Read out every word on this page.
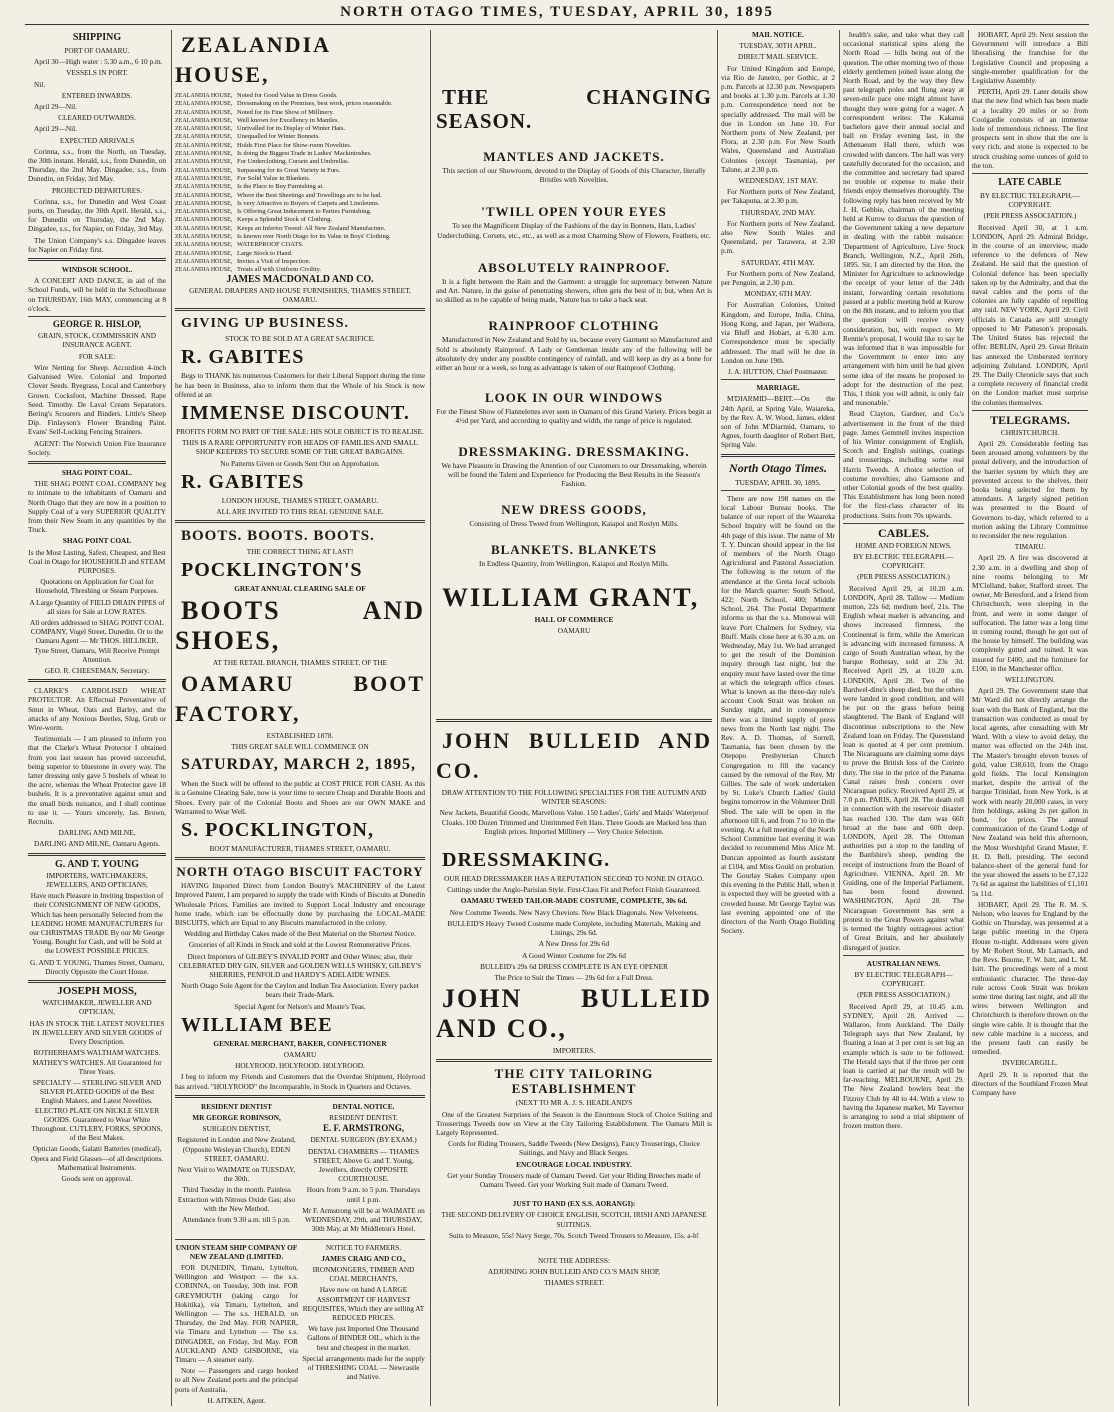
NORTH OTAGO TIMES, TUESDAY, APRIL 30, 1895

SHIPPING

PORT OF OAMARU.

April 30—High water : 5.30 a.m., 6 10 p.m.

VESSELS IN PORT.

Nil.

ENTERED INWARDS.

April 29—Nil.

CLEARED OUTWARDS.

April 29—Nil.

EXPECTED ARRIVALS

Corinna, s.s., from the North, on Tuesday, the 30th instant. Herald, s.s., from Dunedin, on Thursday, the 2nd May. Dingadee, s.s., from Dunedin, on Friday, 3rd May.

PROJECTED DEPARTURES.

Corinna, s.s., for Dunedin and West Coast ports, on Tuesday, the 30th April. Herald, s.s., for Dunedin on Thursday, the 2nd May. Dingadee, s.s., for Napier, on Friday, 3rd May.

The Union Company's s.s. Dingadee leaves for Napier on Friday first.

WINDSOR SCHOOL.

A CONCERT AND DANCE, in aid of the School Funds, will be held in the Schoolhouse on THURSDAY, 16th MAY, commencing at 8 o'clock.

GEORGE R. HISLOP,

GRAIN, STOCK, COMMISSION AND INSURANCE AGENT.

FOR SALE:

Wire Netting for Sheep. Accordion 4-inch Galvanised Wire. Colonial and Imported Clover Seeds. Ryegrass, Local and Canterbury Grown. Cocksfoot, Machine Dressed. Rape Seed. Timothy. De Laval Cream Separators. Bering's Scourers and Binders. Little's Sheep Dip. Finlayson's Flower Branding Paint. Evans' Self-Locking Fencing Strainers.

AGENT: The Norwich Union Fire Insurance Society.

SHAG POINT COAL.

THE SHAG POINT COAL COMPANY beg to intimate to the inhabitants of Oamaru and North Otago that they are now in a position to Supply Coal of a very SUPERIOR QUALITY from their New Seam in any quantities by the Truck.

SHAG POINT COAL

Is the Most Lasting, Safest, Cheapest, and Best Coal in Otago for HOUSEHOLD and STEAM PURPOSES.

Quotations on Application for Coal for Household, Threshing or Steam Purposes.

A Large Quantity of FIELD DRAIN PIPES of all sizes for Sale at LOW RATES.

All orders addressed to SHAG POINT COAL COMPANY, Vogel Street, Dunedin. Or to the Oamaru Agent — Mr THOS. HILLIKER, Tyne Street, Oamaru, Will Receive Prompt Attention.

GEO. R. CHEESEMAN, Secretary.

CLARKE'S CARBOLISED WHEAT PROTECTOR. An Effectual Preventative of Smut in Wheat, Oats and Barley, and the attacks of any Noxious Beetles, Slug, Grub or Wire-worm.

Testimonials — I am pleased to inform you that the Clarke's Wheat Protector I obtained from you last season has proved successful, being superior to bluestone in every way. The latter dressing only gave 5 bushels of wheat to the acre, whereas the Wheat Protector gave 18 bushels. It is a preventative against smut and the small birds nuisance, and I shall continue to use it. — Yours sincerely, Jas. Brown, Recruits.

DARLING AND MILNE,

DARLING AND MILNE, Oamaru Agents.

G. AND T. YOUNG

IMPORTERS, WATCHMAKERS, JEWELLERS, AND OPTICIANS,

Have much Pleasure in Inviting Inspection of their CONSIGNMENT OF NEW GOODS, Which has been personally Selected from the LEADING HOME MANUFACTURERS for our CHRISTMAS TRADE By our Mr George Young. Bought for Cash, and will be Sold at the LOWEST POSSIBLE PRICES.

G. AND T. YOUNG, Thames Street, Oamaru, Directly Opposite the Court House.

JOSEPH MOSS,

WATCHMAKER, JEWELLER AND OPTICIAN,

HAS IN STOCK THE LATEST NOVELTIES IN JEWELLERY AND SILVER GOODS of Every Description.

ROTHERHAM'S WALTHAM WATCHES. MATHEY'S WATCHES. All Guaranteed for Three Years.

SPECIALTY — STERLING SILVER AND SILVER PLATED GOODS of the Best English Makers, and Latest Novelties. ELECTRO PLATE ON NICKLE SILVER GOODS. Guaranteed to Wear White Throughout. CUTLERY, FORKS, SPOONS, of the Best Makes.

Optician Goods, Galatti Batteries (medical), Opera and Field Glasses—of all descriptions. Mathematical Instruments.

Goods sent on approval.

ZEALANDIA HOUSE,

ZEALANDIA HOUSE, Noted for Good Value in Dress Goods.
ZEALANDIA HOUSE, Dressmaking on the Premises, best work, prices reasonable.
ZEALANDIA HOUSE, Noted for its Fine Show of Millinery.
ZEALANDIA HOUSE, Well known for Excellency in Mantles.
ZEALANDIA HOUSE, Unrivalled for its Display of Winter Hats.
ZEALANDIA HOUSE, Unequalled for Winter Bonnets.
ZEALANDIA HOUSE, Holds First Place for Show-room Novelties.
ZEALANDIA HOUSE, Is doing the Biggest Trade in Ladies' Mackintoshes.
ZEALANDIA HOUSE, For Underclothing, Corsets and Umbrellas.
ZEALANDIA HOUSE, Surpassing for its Great Variety in Furs.
ZEALANDIA HOUSE, For Solid Value in Blankets.
ZEALANDIA HOUSE, Is the Place to Buy Furnishing at.
ZEALANDIA HOUSE, Where the Best Sheetings and Towellings are to be had.
ZEALANDIA HOUSE, Is very Attractive to Buyers of Carpets and Linoleums.
ZEALANDIA HOUSE, Is Offering Great Inducement to Parties Furnishing.
ZEALANDIA HOUSE, Keeps a Splendid Stock of Clothing.
ZEALANDIA HOUSE, Keeps an Inferior Tweed: All New Zealand Manufacture.
ZEALANDIA HOUSE, Is known over North Otago for its Value in Boys' Clothing.
ZEALANDIA HOUSE, WATERPROOF COATS.
ZEALANDIA HOUSE, Large Stock to Hand.
ZEALANDIA HOUSE, Invites a Visit of Inspection.
ZEALANDIA HOUSE, Treats all with Uniform Civility.

JAMES MACDONALD AND CO.

GENERAL DRAPERS AND HOUSE FURNISHERS, THAMES STREET, OAMARU.

GIVING UP BUSINESS.

STOCK TO BE SOLD AT A GREAT SACRIFICE.

R. GABITES

Begs to THANK his numerous Customers for their Liberal Support during the time he has been in Business, also to inform them that the Whole of his Stock is now offered at an

IMMENSE DISCOUNT.

PROFITS FORM NO PART OF THE SALE: HIS SOLE OBJECT IS TO REALISE.

THIS IS A RARE OPPORTUNITY FOR HEADS OF FAMILIES AND SMALL SHOP KEEPERS TO SECURE SOME OF THE GREAT BARGAINS.

No Patterns Given or Goods Sent Out on Approbation.

R. GABITES

LONDON HOUSE, THAMES STREET, OAMARU.

ALL ARE INVITED TO THIS REAL GENUINE SALE.

BOOTS. BOOTS. BOOTS.

THE CORRECT THING AT LAST!

POCKLINGTON'S

GREAT ANNUAL CLEARING SALE OF

BOOTS AND SHOES,

AT THE RETAIL BRANCH, THAMES STREET, OF THE

OAMARU BOOT FACTORY,

ESTABLISHED 1878.

THIS GREAT SALE WILL COMMENCE ON

SATURDAY, MARCH 2, 1895,

When the Stock will be offered to the public at COST PRICE FOR CASH. As this is a Genuine Clearing Sale, now is your time to secure Cheap and Durable Boots and Shoes. Every pair of the Colonial Boots and Shoes are our OWN MAKE and Warranted to Wear Well.

S. POCKLINGTON,

BOOT MANUFACTURER, THAMES STREET, OAMARU.

NORTH OTAGO BISCUIT FACTORY

HAVING Imported Direct from London Boutry's MACHINERY of the Latest Improved Patent, I am prepared to supply the trade with Kinds of Biscuits at Dunedin Wholesale Prices. Families are invited to Support Local Industry and encourage home trade, which can be effectually done by purchasing the LOCAL-MADE BISCUITS, which are Equal to any Biscuits manufactured in the colony.

Wedding and Birthday Cakes made of the Best Material on the Shortest Notice.

Groceries of all Kinds in Stock and sold at the Lowest Remunerative Prices.

Direct Importers of GILBEY'S INVALID PORT and Other Wines; also, their CELEBRATED DRY GIN, SILVER and GOLDEN WELLS WHISKY, GILBEY'S SHERRIES, PENFOLD and HARDY'S ADELAIDE WINES.

North Otago Sole Agent for the Ceylon and Indian Tea Association. Every packet bears their Trade-Mark.

Special Agent for Nelson's and Moate's Teas.

WILLIAM BEE

GENERAL MERCHANT, BAKER, CONFECTIONER

OAMARU

HOLYROOD. HOLYROOD. HOLYROOD.

I beg to inform my Friends and Customers that the Overdue Shipment, Holyrood has arrived. "HOLYROOD" the Incomparable, in Stock in Quarters and Octaves.

RESIDENT DENTIST

MR GEORGE ROBINSON,

SURGEON DENTIST,

Registered in London and New Zealand, (Opposite Wesleyan Church), EDEN STREET, OAMARU.

Next Visit to WAIMATE on TUESDAY, the 30th.

Third Tuesday in the month. Painless Extraction with Nitrous Oxide Gas; also with the New Method.

Attendance from 9.30 a.m. till 5 p.m.

DENTAL NOTICE.

RESIDENT DENTIST.

E. F. ARMSTRONG,

DENTAL SURGEON (BY EXAM.)

DENTAL CHAMBERS — THAMES STREET, Above G. and T. Young, Jewellers, directly OPPOSITE COURTHOUSE.

Hours from 9 a.m. to 5 p.m. Thursdays until 1 p.m.

Mr F. Armstrong will be at WAIMATE on WEDNESDAY, 29th, and THURSDAY, 30th May, at Mr Middleton's Hotel.

UNION STEAM SHIP COMPANY OF NEW ZEALAND (LIMITED.

FOR DUNEDIN, Timaru, Lyttelton, Wellington and Westport — the s.s. CORINNA, on Tuesday, 30th inst. FOR GREYMOUTH (taking cargo for Hokitika), via Timaru, Lyttelton, and Wellington — The s.s. HERALD, on Thursday, the 2nd May. FOR NAPIER, via Timaru and Lyttelton — The s.s. DINGADEE, on Friday, 3rd May. FOR AUCKLAND AND GISBORNE, via Timaru — A steamer early.

Note — Passengers and cargo booked to all New Zealand ports and the principal ports of Australia.

H. AITKEN, Agent.

NOTICE TO FARMERS.

JAMES CRAIG AND CO.,

IRONMONGERS, TIMBER AND COAL MERCHANTS,

Have now on hand A LARGE ASSORTMENT OF HARVEST REQUISITES, Which they are selling AT REDUCED PRICES.

We have just Imported One Thousand Gallons of BINDER OIL, which is the best and cheapest in the market.

Special arrangements made for the supply of THRESHING COAL — Newcastle and Native.

THE CHANGING SEASON.

MANTLES AND JACKETS.

This section of our Showroom, devoted to the Display of Goods of this Character, literally Bristles with Novelties.

'TWILL OPEN YOUR EYES

To see the Magnificent Display of the Fashions of the day in Bonnets, Hats, Ladies' Underclothing, Corsets, etc., etc., as well as a most Charming Show of Flowers, Feathers, etc.

ABSOLUTELY RAINPROOF.

It is a fight between the Rain and the Garment: a struggle for supremacy between Nature and Art. Nature, in the guise of penetrating showers, often gets the best of it; but, when Art is so skilled as to be capable of being made, Nature has to take a back seat.

RAINPROOF CLOTHING

Manufactured in New Zealand and Sold by us, because every Garment so Manufactured and Sold is absolutely Rainproof. A Lady or Gentleman inside any of the following will be absolutely dry under any possible contingency of rainfall, and will keep as dry as a bone for either an hour or a week, so long as advantage is taken of our Rainproof Clothing.

LOOK IN OUR WINDOWS

For the Finest Show of Flannelettes ever seen in Oamaru of this Grand Variety. Prices begin at 4½d per Yard, and according to quality and width, the range of price is regulated.

DRESSMAKING. DRESSMAKING.

We have Pleasure in Drawing the Attention of our Customers to our Dressmaking, wherein will be found the Talent and Experience for Producing the Best Results in the Season's Fashion.

NEW DRESS GOODS,

Consisting of Dress Tweed from Wellington, Kaiapoi and Roslyn Mills.

BLANKETS. BLANKETS

In Endless Quantity, from Wellington, Kaiapoi and Roslyn Mills.

WILLIAM GRANT,

HALL OF COMMERCE

OAMARU

JOHN BULLEID AND CO.

DRAW ATTENTION TO THE FOLLOWING SPECIALTIES FOR THE AUTUMN AND WINTER SEASONS:

New Jackets, Beautiful Goods, Marvellous Value. 150 Ladies', Girls' and Maids' Waterproof Cloaks. 100 Dozen Trimmed and Untrimmed Felt Hats. Three Goods are Marked less than English prices. Imported Millinery — Very Choice Selection.

DRESSMAKING.

OUR HEAD DRESSMAKER HAS A REPUTATION SECOND TO NONE IN OTAGO.

Cuttings under the Anglo-Parisian Style. First-Class Fit and Perfect Finish Guaranteed.

OAMARU TWEED TAILOR-MADE COSTUME, COMPLETE, 30s 6d.

New Costume Tweeds. New Navy Cheviots. New Black Diagonals. New Velveteens.

BULLEID'S Heavy Tweed Costume made Complete, including Materials, Making and Linings, 29s 6d.

A New Dress for 29s 6d

A Good Winter Costume for 29s 6d

BULLEID's 29s 6d DRESS COMPLETE IS AN EYE OPENER

The Price to Suit the Times — 29s 6d for a Full Dress.

JOHN BULLEID AND CO.,

IMPORTERS.

THE CITY TAILORING ESTABLISHMENT

(NEXT TO MR A. J. S. HEADLAND'S

One of the Greatest Surprises of the Season is the Enormous Stock of Choice Suiting and Trouserings Tweeds now on View at the City Tailoring Establishment. The Oamaru Mill is Largely Represented.

Cords for Riding Trousers, Saddle Tweeds (New Designs), Fancy Trouserings, Choice Suitings, and Navy and Black Serges.

ENCOURAGE LOCAL INDUSTRY.

Get your Sunday Trousers made of Oamaru Tweed. Get your Riding Breeches made of Oamaru Tweed. Get your Working Suit made of Oamaru Tweed.

JUST TO HAND (EX S.S. AORANGI):

THE SECOND DELIVERY OF CHOICE ENGLISH, SCOTCH, IRISH AND JAPANESE SUITINGS.

Suits to Measure, 55s! Navy Serge, 70s. Scotch Tweed Trousers to Measure, 15s. a-h!

NOTE THE ADDRESS:

ADJOINING JOHN BULLEID AND CO.'S MAIN SHOP,

THAMES STREET.

MAIL NOTICE.

TUESDAY, 30TH APRIL.

DIRECT MAIL SERVICE.

For United Kingdom and Europe, via Rio de Janeiro, per Gothic, at 2 p.m. Parcels at 12.30 p.m. Newspapers and books at 1.30 p.m. Parcels at 1.30 p.m. Correspondence need not be specially addressed. The mail will be due in London on June 10. For Northern ports of New Zealand, per Flora, at 2.30 p.m. For New South Wales, Queensland and Australian Colonies (except Tasmania), per Talune, at 2.30 p.m.

WEDNESDAY, 1ST MAY.

For Northern ports of New Zealand, per Takapuna, at 2.30 p.m.

THURSDAY, 2ND MAY.

For Northern ports of New Zealand, also New South Wales and Queensland, per Tarawera, at 2.30 p.m.

SATURDAY, 4TH MAY.

For Northern ports of New Zealand, per Penguin, at 2.30 p.m.

MONDAY, 6TH MAY.

For Australian Colonies, United Kingdom, and Europe, India, China, Hong Kong, and Japan, per Waihora, via Bluff and Hobart, at 6.30 a.m. Correspondence must be specially addressed. The mail will be due in London on June 19th.

J. A. HUTTON, Chief Postmaster.

MARRIAGE.

M'DIARMID—BERT.—On the 24th April, at Spring Vale, Waiareka, by the Rev. A. W. Wood, James, eldest son of John M'Diarmid, Oamaru, to Agnes, fourth daughter of Robert Bert, Spring Vale.

North Otago Times.

TUESDAY, APRIL 30, 1895.

There are now 198 names on the local Labour Bureau books. The balance of our report of the Waiareka School Inquiry will be found on the 4th page of this issue. The name of Mr T. Y. Duncan should appear in the list of members of the North Otago Agricultural and Pastoral Association. The following is the return of the attendance at the Greta local schools for the March quarter: South School, 422; North School, 400; Middle School, 264. The Postal Department informs us that the s.s. Monowai will leave Port Chalmers for Sydney, via Bluff. Mails close here at 6.30 a.m. on Wednesday, May 1st. We had arranged to get the result of the Dominion inquiry through last night, but the enquiry must have lasted over the time at which the telegraph office closes. What is known as the three-day rule's account Cook Strait was broken on Sunday night, and in consequence there was a limited supply of press news from the North last night. The Rev. A. D. Thomas, of Sorrell, Tasmania, has been chosen by the Otepopo Presbyterian Church Congregation to fill the vacancy caused by the removal of the Rev. Mr Gillies. The sale of work undertaken by St. Luke's Church Ladies' Guild begins tomorrow in the Volunteer Drill Shed. The sale will be open in the afternoon till 6, and from 7 to 10 in the evening. At a full meeting of the North School Committee last evening it was decided to recommend Miss Alice M. Duncan appointed as fourth assistant at £104, and Miss Gould on probation. The Gourlay Stakes Company open this evening in the Public Hall, when it is expected they will be greeted with a crowded house. Mr George Taylor was last evening appointed one of the directors of the North Otago Building Society.

health's sake, and take what they call occasional statistical spins along the North Road — hills being out of the question. The other morning two of those elderly gentlemen joined issue along the North Road, and by the way they flew past telegraph poles and flung away at seven-mile pace one might almost have thought they were going for a wager. A correspondent writes: The Kakanui bachelors gave their annual social and ball on Friday evening last, in the Athenaeum Hall there, which was crowded with dancers. The hall was very tastefully decorated for the occasion, and the committee and secretary had spared no trouble or expense to make their friends enjoy themselves thoroughly. The following reply has been received by Mr J. H. Gebbie, chairman of the meeting held at Kurow to discuss the question of the Government taking a new departure in dealing with the rabbit nuisance: 'Department of Agriculture, Live Stock Branch, Wellington, N.Z., April 26th, 1895. Sir, I am directed by the Hon. the Minister for Agriculture to acknowledge the receipt of your letter of the 24th instant, forwarding certain resolutions passed at a public meeting held at Kurow on the 8th instant, and to inform you that the question will receive every consideration, but, with respect to Mr Rennie's proposal, I would like to say he was informed that it was impossible for the Government to enter into any arrangement with him until he had given some idea of the means he proposed to adopt for the destruction of the pest. This, I think you will admit, is only fair and reasonable.'

Read Clayton, Gardner, and Co.'s advertisement in the front of the third page. James Gemmell invites inspection of his Winter consignment of English, Scotch and English suitings, coatings and trouserings, including some real Harris Tweeds. A choice selection of costume novelties; also Gamsone and other Colonial goods of the best quality. This Establishment has long been noted for the first-class character of its productions. Suits from 70s upwards.

CABLES.

HOME AND FOREIGN NEWS.

BY ELECTRIC TELEGRAPH.—COPYRIGHT.

(PER PRESS ASSOCIATION.)

Received April 29, at 10.20 a.m. LONDON, April 28. Tallow — Medium mutton, 22s 6d; medium beef, 21s. The English wheat market is advancing, and shows increased firmness, the Continental is firm, while the American is advancing with increased firmness. A cargo of South Australian wheat, by the barque Rothesay, sold at 23s 3d. Received April 29, at 10.20 a.m. LONDON, April 28. Two of the Bardwel-dine's sheep died, but the others were landed in good condition, and will be put on the grass before being slaughtered. The Bank of England will discontinue subscriptions to the New Zealand loan on Friday. The Queensland loan is quoted at 4 per cent premium. The Nicaraguans are claiming some days to prove the British loss of the Corinto duty. The rise in the price of the Panama Canal raises fresh concern over Nicaraguan policy. Received April 29, at 7.0 p.m. PARIS, April 28. The death roll in connection with the reservoir disaster has reached 130. The dam was 66ft broad at the base and 60ft deep. LONDON, April 28. The Ottoman authorities put a stop to the landing of the Banfshire's sheep, pending the receipt of instructions from the Board of Agriculture. VIENNA, April 28. Mr Guiding, one of the Imperial Parliament, has been found drowned. WASHINGTON, April 28. The Nicaraguan Government has sent a protest to the Great Powers against what is termed the 'highly outrageous action' of Great Britain, and her absolutely disregard of justice.

AUSTRALIAN NEWS.

BY ELECTRIC TELEGRAPH—COPYRIGHT.

(PER PRESS ASSOCIATION.)

Received April 29, at 10.45 a.m. SYDNEY, April 28. Arrived — Wallaroo, from Auckland. The Daily Telegraph says that New Zealand, by floating a loan at 3 per cent is set big an example which is sure to be followed. The Herald says that if the three per cent loan is carried at par the result will be far-reaching. MELBOURNE, April 29. The New Zealand bowlers beat the Fitzroy Club by 48 to 44. With a view to having the Japanese market, Mr Tavernor is arranging to send a trial shipment of frozen mutton there.

HOBART, April 29. Next session the Government will introduce a Bill liberalising the franchise for the Legislative Council and proposing a single-member qualification for the Legislative Assembly.

PERTH, April 29. Later details show that the new find which has been made at a locality 20 miles or so from Coolgardie consists of an immense lode of tremendous richness. The first prospects sent in show that the ore is very rich, and stone is expected to be struck crushing some ounces of gold to the ton.

LATE CABLE

BY ELECTRIC TELEGRAPH.—COPYRIGHT.

(PER PRESS ASSOCIATION.)

Received April 30, at 1 a.m. LONDON, April 29. Admiral Bridge, in the course of an interview, made reference to the defences of New Zealand. He said that the question of Colonial defence has been specially taken up by the Admiralty, and that the naval cables and the ports of the colonies are fully capable of repelling any raid. NEW YORK, April 29. Civil officials in Canada are still strongly opposed to Mr Patteson's proposals. The United States has rejected the offer. BERLIN, April 29. Great Britain has annexed the Umbersted territory adjoining Zululand. LONDON, April 29. The Daily Chronicle says that such a complete recovery of financial credit on the London market must surprise the colonies themselves.

TELEGRAMS.

CHRISTCHURCH.

April 29. Considerable feeling has been aroused among volunteers by the postal delivery, and the introduction of the barrier system by which they are prevented access to the shelves, their books being selected for them by attendants. A largely signed petition was presented to the Board of Governors to-day, which referred to a motion asking the Library Committee to reconsider the new regulation.

TIMARU.

April 29. A fire was discovered at 2.30 a.m. in a dwelling and shop of nine rooms belonging to Mr M'Clelland, baker, Stafford street. The owner, Mr Beresford, and a friend from Christchurch, were sleeping in the front, and were in some danger of suffocation. The latter was a long time in coming round, though he got out of the house by himself. The building was completely gutted and ruined. It was insured for £400, and the furniture for £100, in the Manchester office.

WELLINGTON.

April 29. The Government state that Mr Ward did not directly arrange the loan with the Bank of England, but the transaction was conducted as usual by local agents, after consulting with Mr Ward. With a view to avoid delay, the matter was effected on the 24th inst. The Master's brought eleven boxes of gold, value £38,610, from the Otago gold fields. The local Kensington market, despite the arrival of the barque Trinidad, from New York, is at work with nearly 20,000 cases, in very firm holdings, asking 2s per gallon in bond, for prices. The annual communication of the Grand Lodge of New Zealand was held this afternoon, the Most Worshipful Grand Master, F. H. D. Bell, presiding. The second balance-sheet of the general fund for the year showed the assets to be £7,122 7s 6d as against the liabilities of £1,101 5s 11d.

HOBART, April 29. The R. M. S. Nelson, who leaves for England by the Gothic on Thursday, was presented at a large public meeting in the Opera House to-night. Addresses were given by Mr Robert Stout, Mr Larnach, and the Revs. Bourne, F. W. Isitt, and L. M. Isitt. The proceedings were of a most enthusiastic character. The three-day rule across Cook Strait was broken some time during last night, and all the wires between Wellington and Christchurch is therefore thrown on the single wire cable. It is thought that the new cable machine is a success, and the present fault can easily be remedied.

INVERCARGILL.

April 29. It is reported that the directors of the Southland Frozen Meat Company have
